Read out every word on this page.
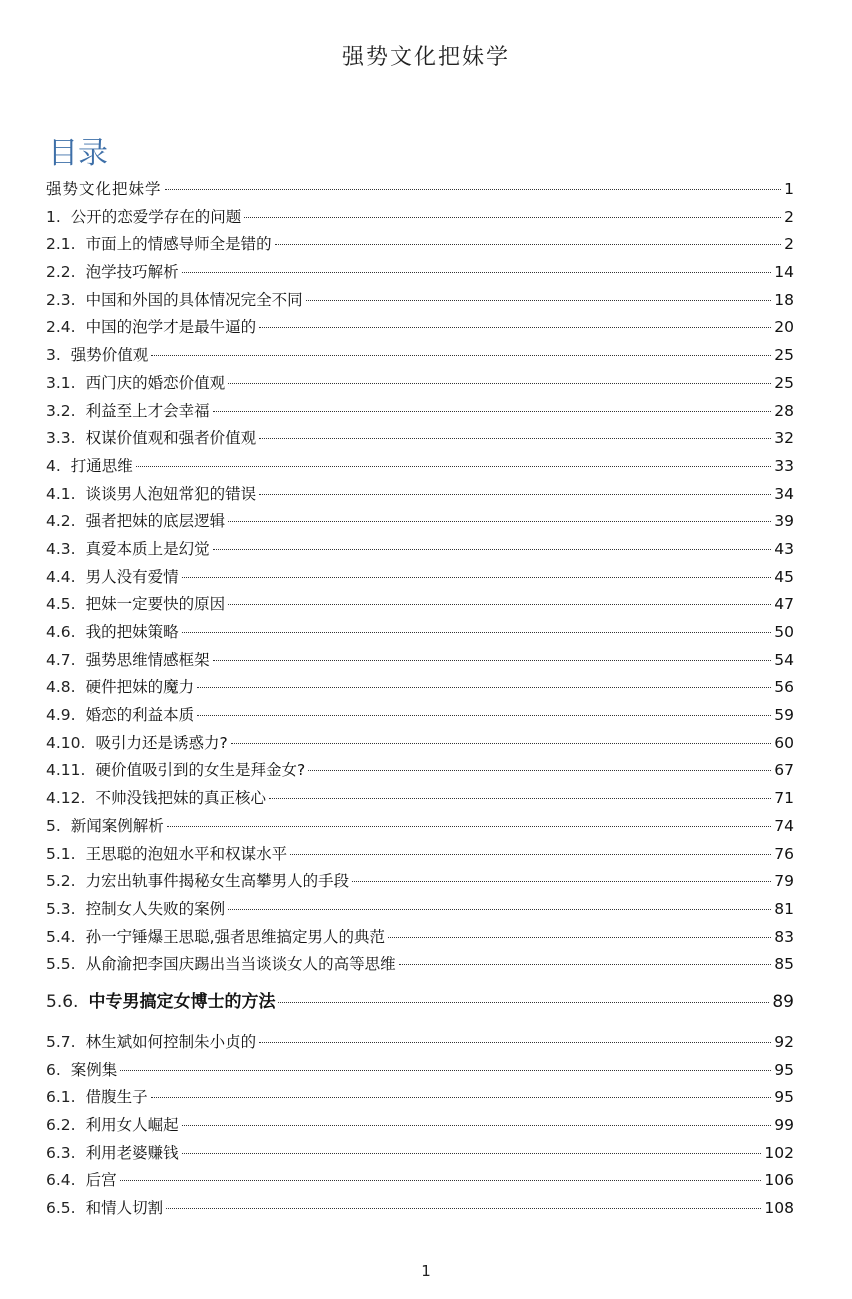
强势文化把妹学
目录
强势文化把妹学	1
1. 公开的恋爱学存在的问题	2
2.1. 市面上的情感导师全是错的	2
2.2. 泡学技巧解析	14
2.3. 中国和外国的具体情况完全不同	18
2.4. 中国的泡学才是最牛逼的	20
3. 强势价值观	25
3.1. 西门庆的婚恋价值观	25
3.2. 利益至上才会幸福	28
3.3. 权谋价值观和强者价值观	32
4. 打通思维	33
4.1. 谈谈男人泡妞常犯的错误	34
4.2. 强者把妹的底层逻辑	39
4.3. 真爱本质上是幻觉	43
4.4. 男人没有爱情	45
4.5. 把妹一定要快的原因	47
4.6. 我的把妹策略	50
4.7. 强势思维情感框架	54
4.8. 硬件把妹的魔力	56
4.9. 婚恋的利益本质	59
4.10. 吸引力还是诱惑力?	60
4.11. 硬价值吸引到的女生是拜金女?	67
4.12. 不帅没钱把妹的真正核心	71
5. 新闻案例解析	74
5.1. 王思聪的泡妞水平和权谋水平	76
5.2. 力宏出轨事件揭秘女生高攀男人的手段	79
5.3. 控制女人失败的案例	81
5.4. 孙一宁锤爆王思聪,强者思维搞定男人的典范	83
5.5. 从俞渝把李国庆踢出当当谈谈女人的高等思维	85
5.6. 中专男搞定女博士的方法	89
5.7. 林生斌如何控制朱小贞的	92
6. 案例集	95
6.1. 借腹生子	95
6.2. 利用女人崛起	99
6.3. 利用老婆赚钱	102
6.4. 后宫	106
6.5. 和情人切割	108
1
